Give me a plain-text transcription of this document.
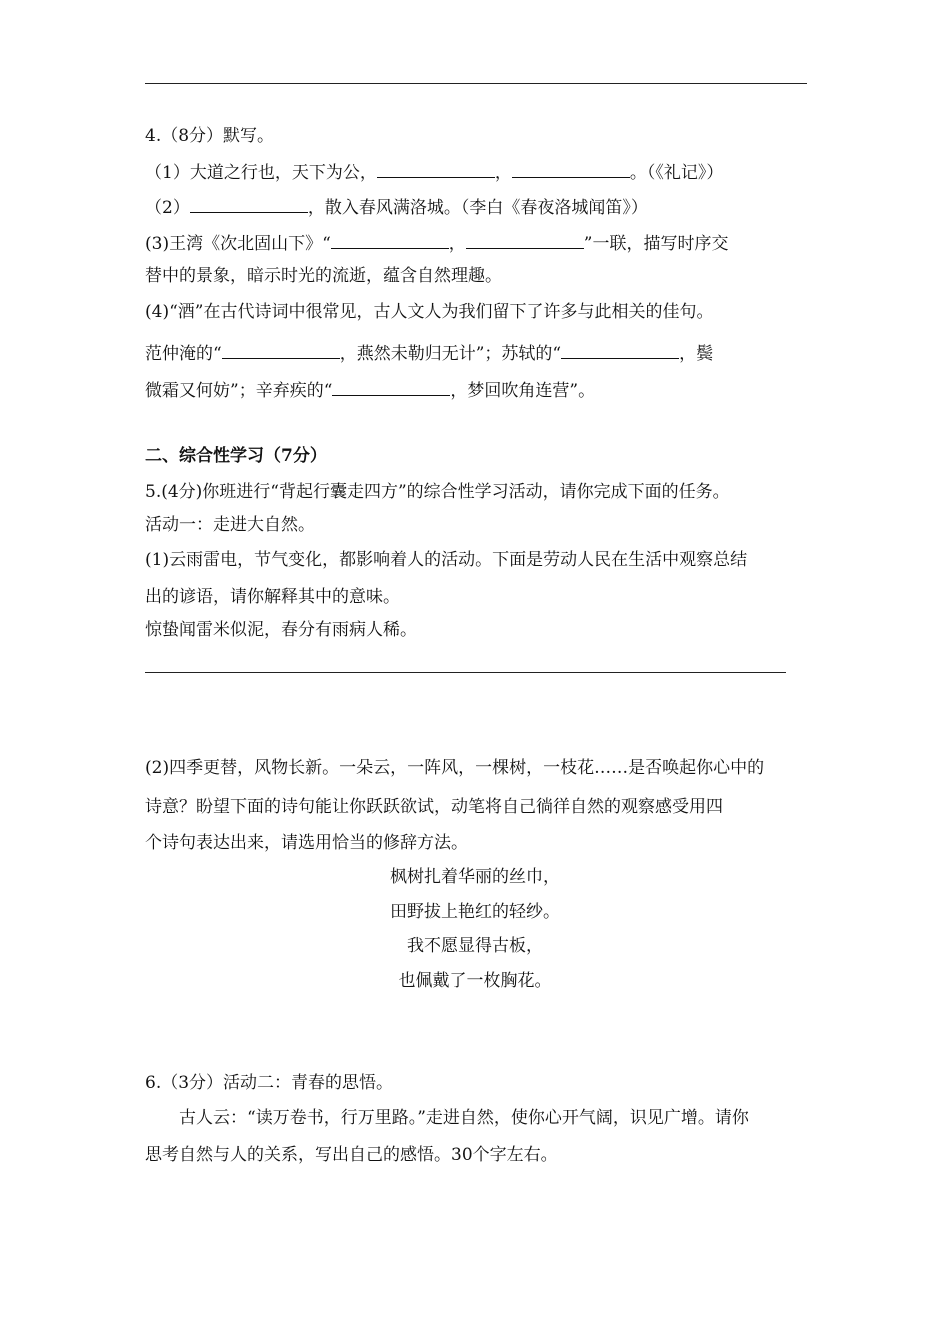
4.（8分）默写。
（1）大道之行也，天下为公，	，	。（《礼记》）
（2）	，散入春风满洛城。（李白《春夜洛城闻笛》）
(3)王湾《次北固山下》“	，	”一联，描写时序交
替中的景象，暗示时光的流逝，蕴含自然理趣。
(4)“酒”在古代诗词中很常见，古人文人为我们留下了许多与此相关的佳句。
范仲淹的“	，燕然未勒归无计”；苏轼的“	，鬓
微霜又何妨”；辛弃疾的“	，梦回吹角连营”。
二、综合性学习（7分）
5.(4分)你班进行“背起行囊走四方”的综合性学习活动，请你完成下面的任务。
活动一：走进大自然。
(1)云雨雷电，节气变化，都影响着人的活动。下面是劳动人民在生活中观察总结
出的谚语，请你解释其中的意味。
惊蛰闻雷米似泥，春分有雨病人稀。
(2)四季更替，风物长新。一朵云，一阵风，一棵树，一枝花……是否唤起你心中的
诗意？盼望下面的诗句能让你跃跃欲试，动笔将自己徜徉自然的观察感受用四
个诗句表达出来，请选用恰当的修辞方法。
枫树扎着华丽的丝巾，
田野拔上艳红的轻纱。
我不愿显得古板，
也佩戴了一枚胸花。
6.（3分）活动二：青春的思悟。
古人云：“读万卷书，行万里路。”走进自然，使你心开气阔，识见广增。请你
思考自然与人的关系，写出自己的感悟。30个字左右。
